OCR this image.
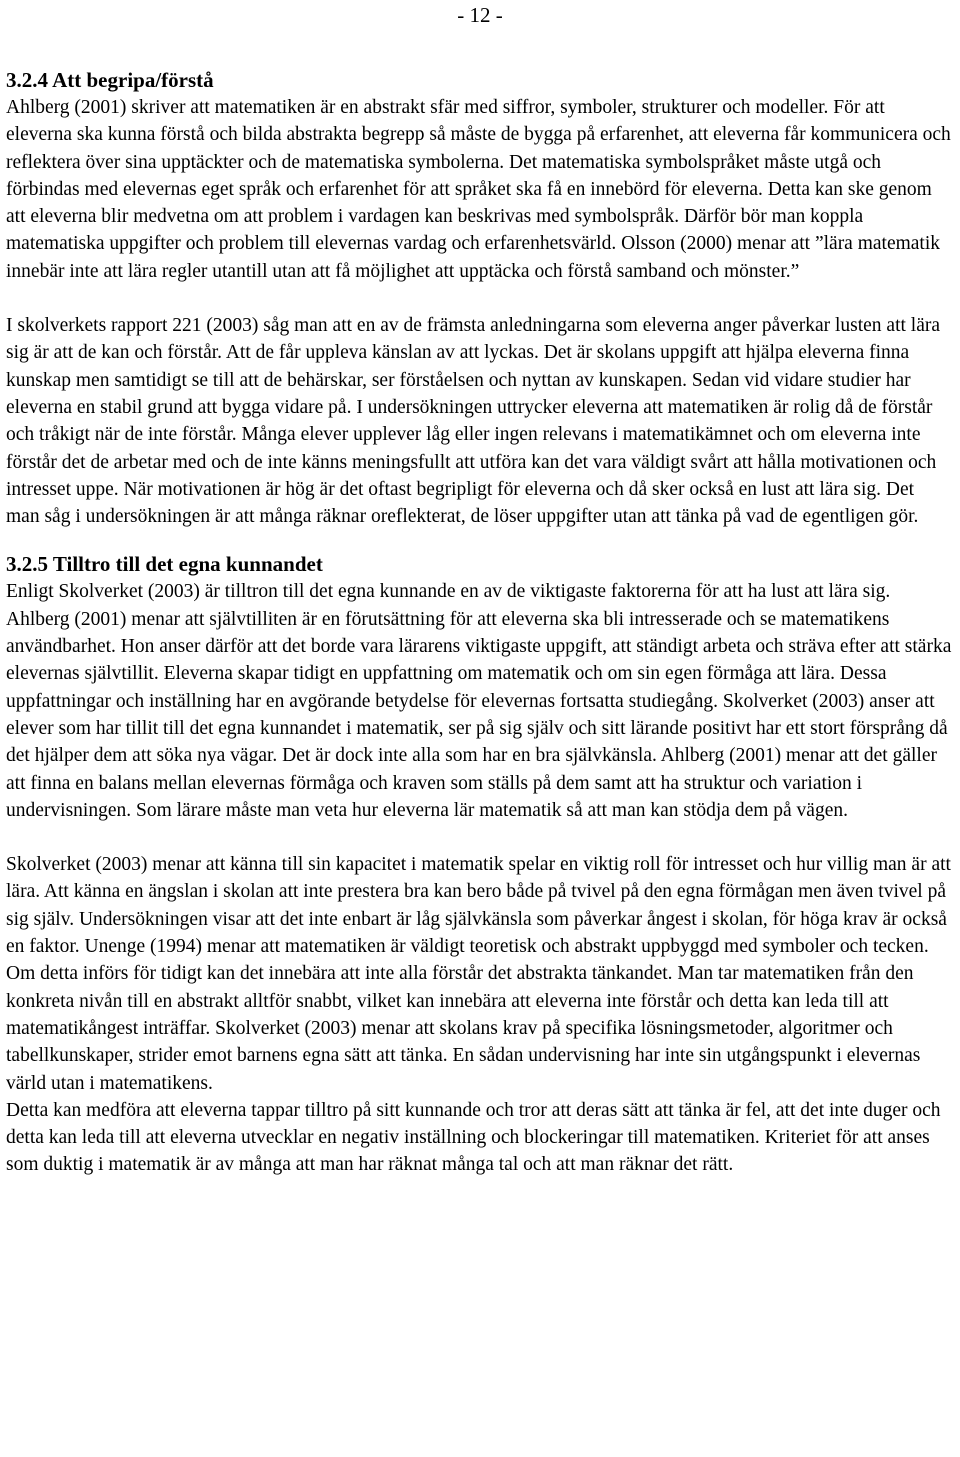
- 12 -
3.2.4 Att begripa/förstå

Ahlberg (2001) skriver att matematiken är en abstrakt sfär med siffror, symboler, strukturer och modeller. För att eleverna ska kunna förstå och bilda abstrakta begrepp så måste de bygga på erfarenhet, att eleverna får kommunicera och reflektera över sina upptäckter och de matematiska symbolerna. Det matematiska symbolspråket måste utgå och förbindas med elevernas eget språk och erfarenhet för att språket ska få en innebörd för eleverna. Detta kan ske genom att eleverna blir medvetna om att problem i vardagen kan beskrivas med symbolspråk. Därför bör man koppla matematiska uppgifter och problem till elevernas vardag och erfarenhetsvärld. Olsson (2000) menar att ”lära matematik innebär inte att lära regler utantill utan att få möjlighet att upptäcka och förstå samband och mönster.”

I skolverkets rapport 221 (2003) såg man att en av de främsta anledningarna som eleverna anger påverkar lusten att lära sig är att de kan och förstår. Att de får uppleva känslan av att lyckas. Det är skolans uppgift att hjälpa eleverna finna kunskap men samtidigt se till att de behärskar, ser förståelsen och nyttan av kunskapen. Sedan vid vidare studier har eleverna en stabil grund att bygga vidare på. I undersökningen uttrycker eleverna att matematiken är rolig då de förstår och tråkigt när de inte förstår. Många elever upplever låg eller ingen relevans i matematikämnet och om eleverna inte förstår det de arbetar med och de inte känns meningsfullt att utföra kan det vara väldigt svårt att hålla motivationen och intresset uppe. När motivationen är hög är det oftast begripligt för eleverna och då sker också en lust att lära sig. Det man såg i undersökningen är att många räknar oreflekterat, de löser uppgifter utan att tänka på vad de egentligen gör.

3.2.5 Tilltro till det egna kunnandet

Enligt Skolverket (2003) är tilltron till det egna kunnande en av de viktigaste faktorerna för att ha lust att lära sig. Ahlberg (2001) menar att självtilliten är en förutsättning för att eleverna ska bli intresserade och se matematikens användbarhet. Hon anser därför att det borde vara lärarens viktigaste uppgift, att ständigt arbeta och sträva efter att stärka elevernas självtillit. Eleverna skapar tidigt en uppfattning om matematik och om sin egen förmåga att lära. Dessa uppfattningar och inställning har en avgörande betydelse för elevernas fortsatta studiegång. Skolverket (2003) anser att elever som har tillit till det egna kunnandet i matematik, ser på sig själv och sitt lärande positivt har ett stort försprång då det hjälper dem att söka nya vägar. Det är dock inte alla som har en bra självkänsla. Ahlberg (2001) menar att det gäller att finna en balans mellan elevernas förmåga och kraven som ställs på dem samt att ha struktur och variation i undervisningen. Som lärare måste man veta hur eleverna lär matematik så att man kan stödja dem på vägen.

Skolverket (2003) menar att känna till sin kapacitet i matematik spelar en viktig roll för intresset och hur villig man är att lära. Att känna en ängslan i skolan att inte prestera bra kan bero både på tvivel på den egna förmågan men även tvivel på sig själv. Undersökningen visar att det inte enbart är låg självkänsla som påverkar ångest i skolan, för höga krav är också en faktor. Unenge (1994) menar att matematiken är väldigt teoretisk och abstrakt uppbyggd med symboler och tecken. Om detta införs för tidigt kan det innebära att inte alla förstår det abstrakta tänkandet. Man tar matematiken från den konkreta nivån till en abstrakt alltför snabbt, vilket kan innebära att eleverna inte förstår och detta kan leda till att matematikångest inträffar. Skolverket (2003) menar att skolans krav på specifika lösningsmetoder, algoritmer och tabellkunskaper, strider emot barnens egna sätt att tänka. En sådan undervisning har inte sin utgångspunkt i elevernas värld utan i matematikens.

Detta kan medföra att eleverna tappar tilltro på sitt kunnande och tror att deras sätt att tänka är fel, att det inte duger och detta kan leda till att eleverna utvecklar en negativ inställning och blockeringar till matematiken. Kriteriet för att anses som duktig i matematik är av många att man har räknat många tal och att man räknar det rätt.
